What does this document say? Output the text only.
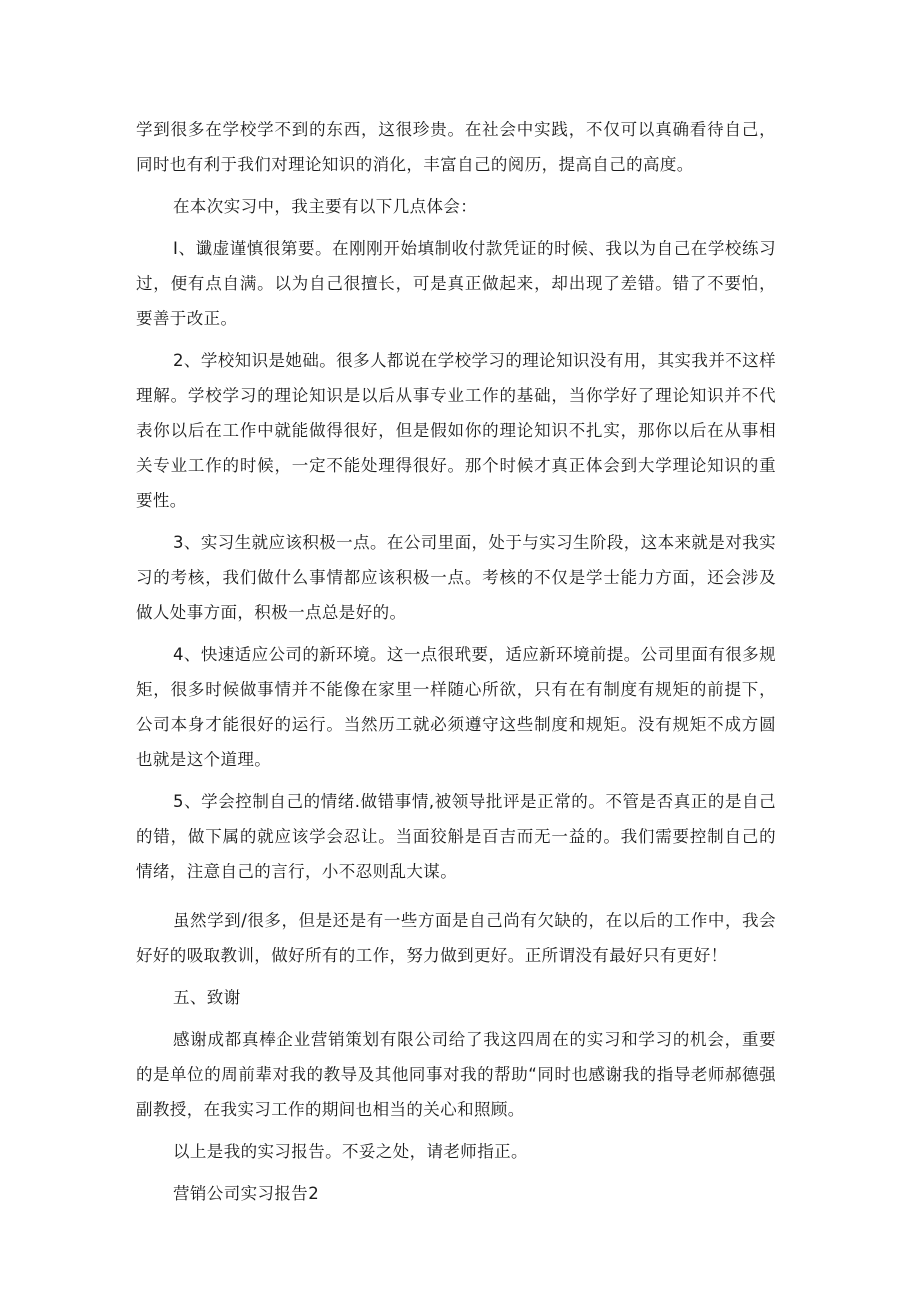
学到很多在学校学不到的东西，这很珍贵。在社会中实践，不仅可以真确看待自己，同时也有利于我们对理论知识的消化，丰富自己的阅历，提高自己的高度。

在本次实习中，我主要有以下几点体会：

I、谶虚谨慎很第要。在刚刚开始填制收付款凭证的时候、我以为自己在学校练习过，便有点自满。以为自己很擅长，可是真正做起来，却出现了差错。错了不要怕，要善于改正。

2、学校知识是她础。很多人都说在学校学习的理论知识没有用，其实我并不这样理解。学校学习的理论知识是以后从事专业工作的基础，当你学好了理论知识并不代表你以后在工作中就能做得很好，但是假如你的理论知识不扎实，那你以后在从事相关专业工作的时候，一定不能处理得很好。那个时候才真正体会到大学理论知识的重要性。

3、实习生就应该积极一点。在公司里面，处于与实习生阶段，这本来就是对我实习的考核，我们做什么事情都应该积极一点。考核的不仅是学士能力方面，还会涉及做人处事方面，积极一点总是好的。

4、快速适应公司的新环境。这一点很玳要，适应新环境前提。公司里面有很多规矩，很多时候做事情并不能像在家里一样随心所欲，只有在有制度有规矩的前提下，公司本身才能很好的运行。当然历工就必须遵守这些制度和规矩。没有规矩不成方圆也就是这个道理。

5、学会控制自己的情绪.做错事情,被领导批评是正常的。不管是否真正的是自己的错，做下属的就应该学会忍让。当面狡斛是百吉而无一益的。我们需要控制自己的情绪，注意自己的言行，小不忍则乱大谋。

虽然学到/很多，但是还是有一些方面是自己尚有欠缺的，在以后的工作中，我会好好的吸取教训，做好所有的工作，努力做到更好。正所谓没有最好只有更好！

五、致谢

感谢成都真棒企业营销策划有限公司给了我这四周在的实习和学习的机会，重要的是单位的周前辈对我的教导及其他同事对我的帮助“同时也感谢我的指导老师郝德强副教授，在我实习工作的期间也相当的关心和照顾。

以上是我的实习报告。不妥之处，请老师指正。

营销公司实习报告2
